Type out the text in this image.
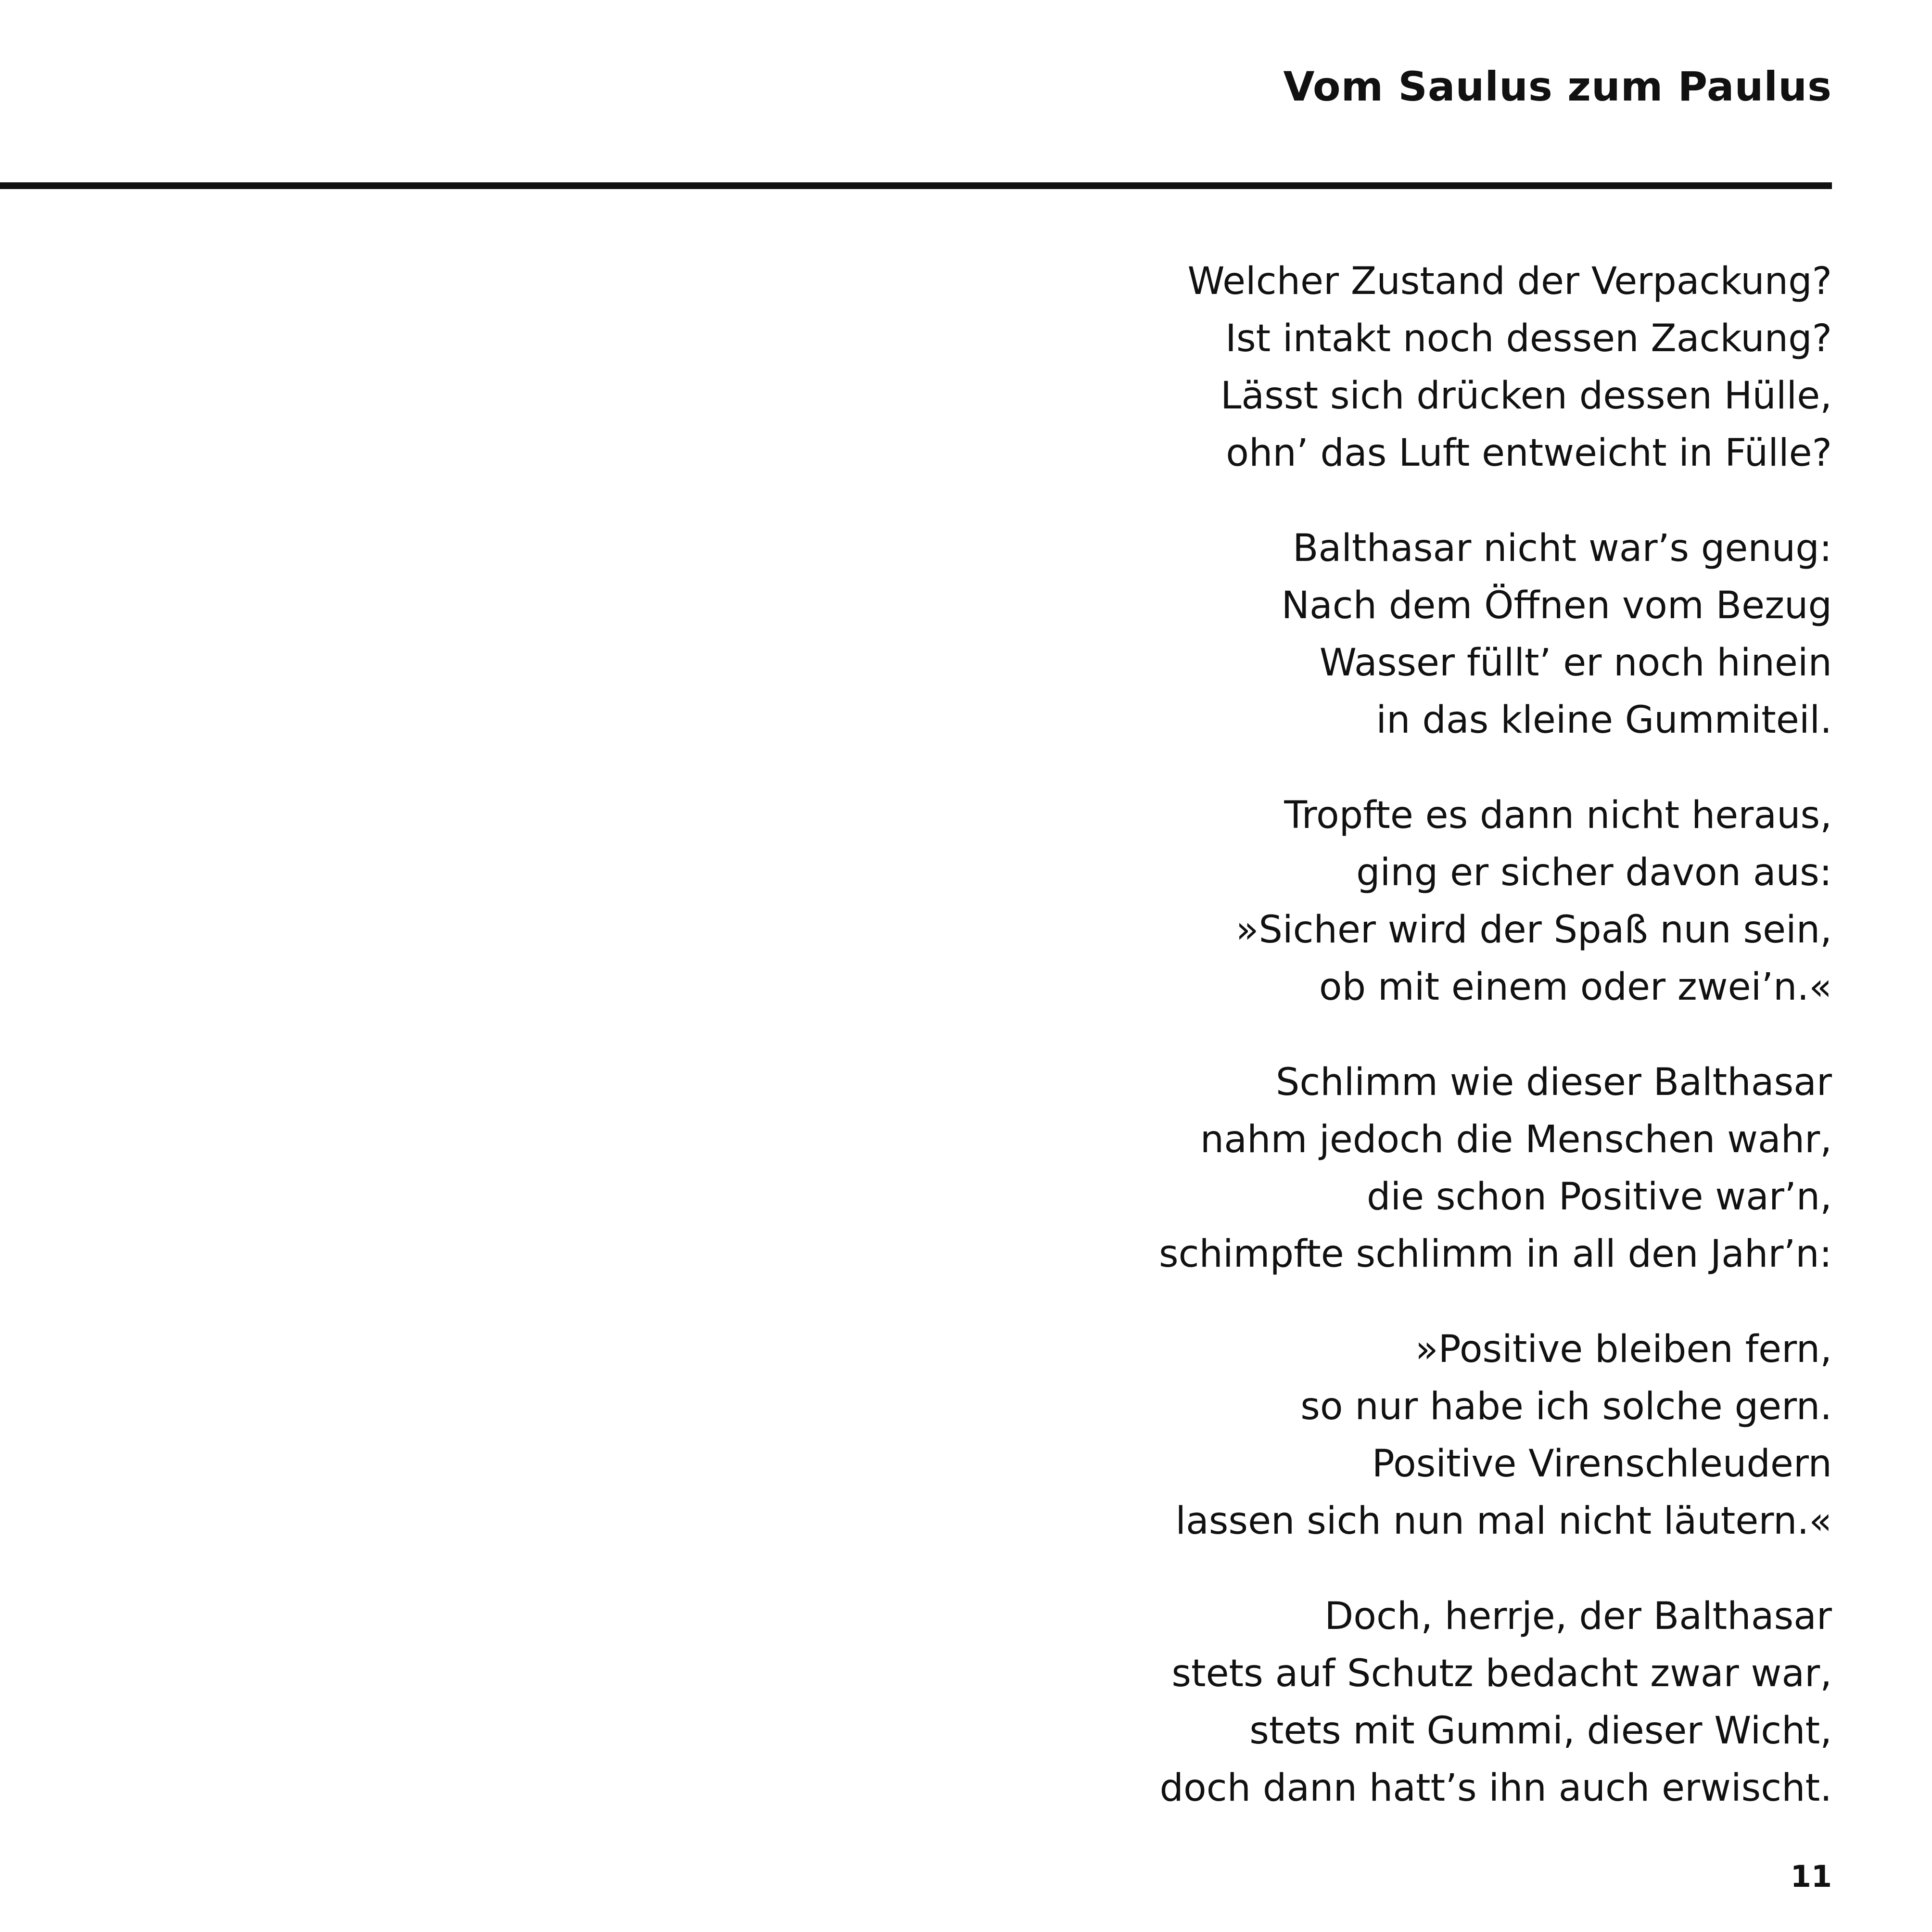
Vom Saulus zum Paulus
Welcher Zustand der Verpackung?
Ist intakt noch dessen Zackung?
Lässt sich drücken dessen Hülle,
ohn’ das Luft entweicht in Fülle?
Balthasar nicht war’s genug:
Nach dem Öffnen vom Bezug
Wasser füllt’ er noch hinein
in das kleine Gummiteil.
Tropfte es dann nicht heraus,
ging er sicher davon aus:
»Sicher wird der Spaß nun sein,
ob mit einem oder zwei’n.«
Schlimm wie dieser Balthasar
nahm jedoch die Menschen wahr,
die schon Positive war’n,
schimpfte schlimm in all den Jahr’n:
»Positive bleiben fern,
so nur habe ich solche gern.
Positive Virenschleudern
lassen sich nun mal nicht läutern.«
Doch, herrje, der Balthasar
stets auf Schutz bedacht zwar war,
stets mit Gummi, dieser Wicht,
doch dann hatt’s ihn auch erwischt.
11
